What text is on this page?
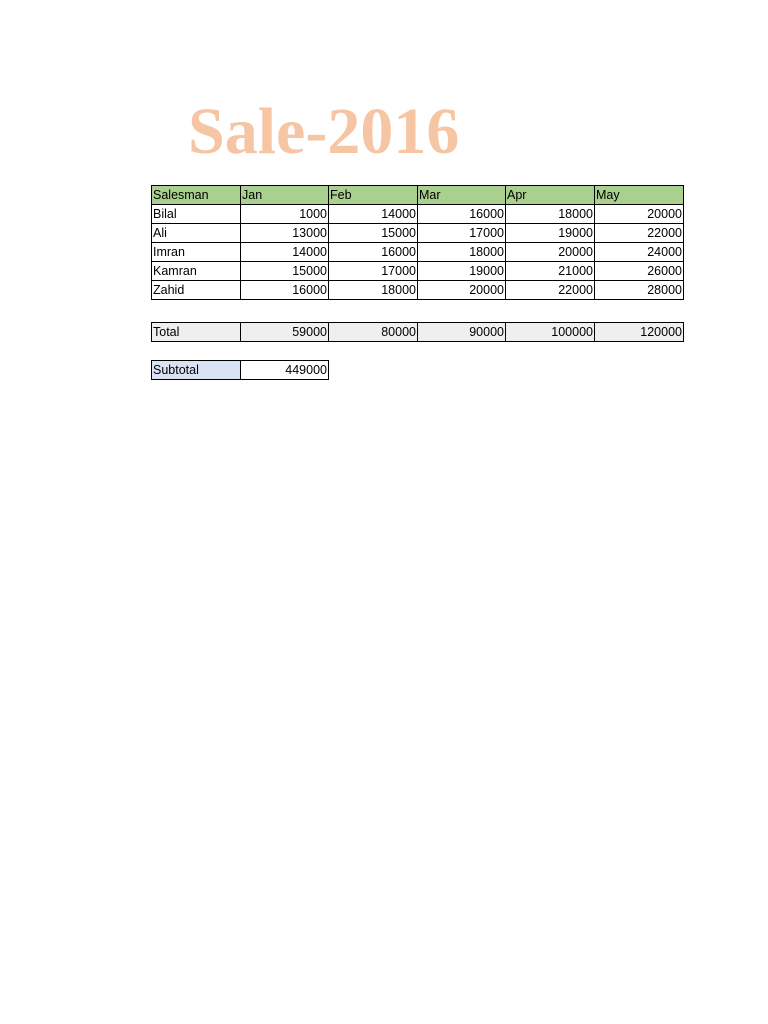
Sale-2016
Salesman	Jan	Feb	Mar	Apr	May
Bilal	1000	14000	16000	18000	20000
Ali	13000	15000	17000	19000	22000
Imran	14000	16000	18000	20000	24000
Kamran	15000	17000	19000	21000	26000
Zahid	16000	18000	20000	22000	28000
Total	59000	80000	90000	100000	120000
Subtotal	449000
